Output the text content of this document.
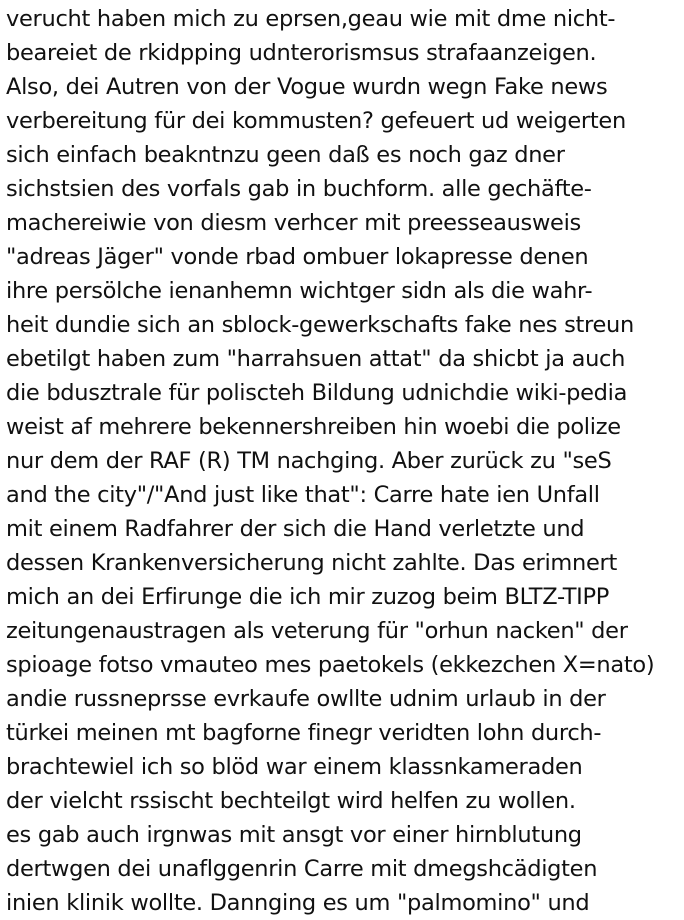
verucht haben mich zu eprsen,geau wie mit dme nicht-
beareiet de rkidpping udnterorismsus strafaanzeigen.
Also, dei Autren von der Vogue wurdn wegn Fake news
verbereitung für dei kommusten? gefeuert ud weigerten
sich einfach beakntnzu geen daß es noch gaz dner
sichstsien des vorfals gab in buchform. alle gechäfte-
machereiwie von diesm verhcer mit preesseausweis
"adreas Jäger" vonde rbad ombuer lokapresse denen
ihre persölche ienanhemn wichtger sidn als die wahr-
heit dundie sich an sblock-gewerkschafts fake nes streun
ebetilgt haben zum "harrahsuen attat" da shicbt ja auch
die bdusztrale für poliscteh Bildung udnichdie wiki-pedia
weist af mehrere bekennershreiben hin woebi die polize
nur dem der RAF (R) TM nachging. Aber zurück zu "seS
and the city"/"And just like that": Carre hate ien Unfall
mit einem Radfahrer der sich die Hand verletzte und
dessen Krankenversicherung nicht zahlte. Das erimnert
mich an dei Erfirunge die ich mir zuzog beim BLTZ-TIPP
zeitungenaustragen als veterung für "orhun nacken" der
spioage fotso vmauteo mes paetokels (ekkezchen X=nato)
andie russneprsse evrkaufe owllte udnim urlaub in der
türkei meinen mt bagforne finegr veridten lohn durch-
brachtewiel ich so blöd war einem klassnkameraden
der vielcht rssischt bechteilgt wird helfen zu wollen.
es gab auch irgnwas mit ansgt vor einer hirnblutung
dertwgen dei unaflggenrin Carre mit dmegshcädigten
inien klinik wollte. Dannging es um "palmomino" und
